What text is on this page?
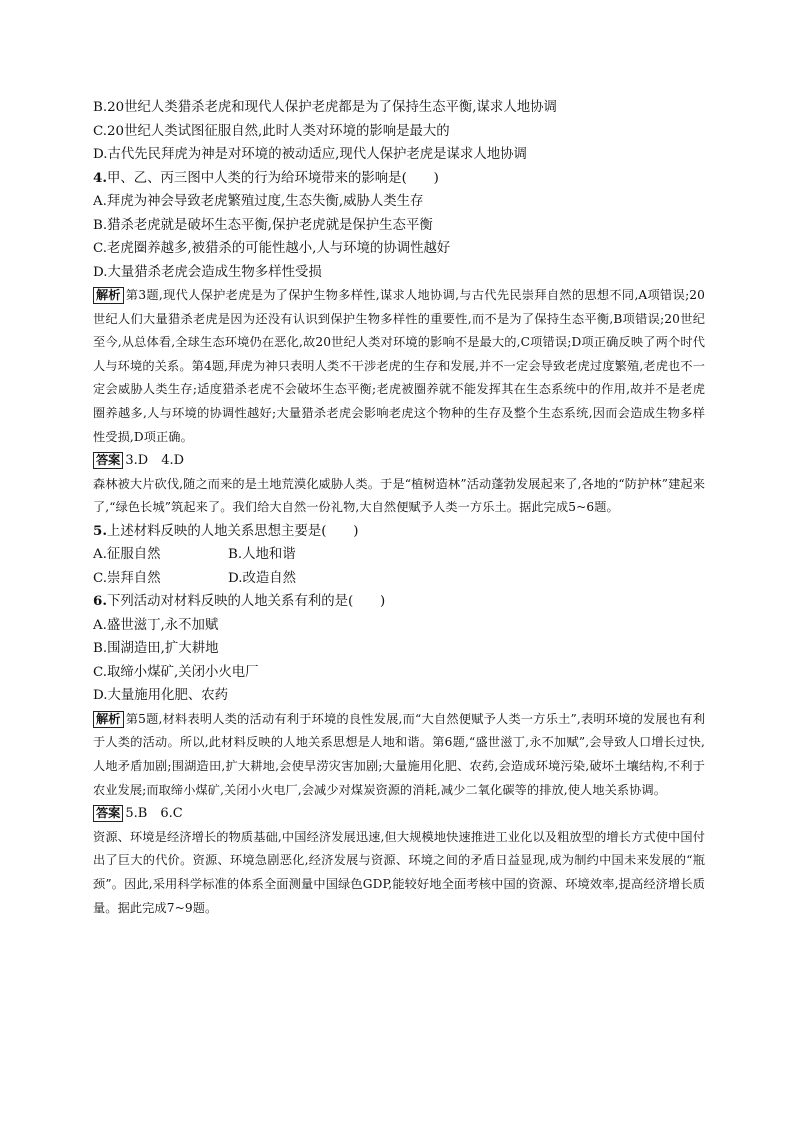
B.20世纪人类猎杀老虎和现代人保护老虎都是为了保持生态平衡,谋求人地协调
C.20世纪人类试图征服自然,此时人类对环境的影响是最大的
D.古代先民拜虎为神是对环境的被动适应,现代人保护老虎是谋求人地协调
4.甲、乙、丙三图中人类的行为给环境带来的影响是(　　)
A.拜虎为神会导致老虎繁殖过度,生态失衡,威胁人类生存
B.猎杀老虎就是破坏生态平衡,保护老虎就是保护生态平衡
C.老虎圈养越多,被猎杀的可能性越小,人与环境的协调性越好
D.大量猎杀老虎会造成生物多样性受损
解析 第3题,现代人保护老虎是为了保护生物多样性,谋求人地协调,与古代先民崇拜自然的思想不同,A项错误;20世纪人们大量猎杀老虎是因为还没有认识到保护生物多样性的重要性,而不是为了保持生态平衡,B项错误;20世纪至今,从总体看,全球生态环境仍在恶化,故20世纪人类对环境的影响不是最大的,C项错误;D项正确反映了两个时代人与环境的关系。第4题,拜虎为神只表明人类不干涉老虎的生存和发展,并不一定会导致老虎过度繁殖,老虎也不一定会威胁人类生存;适度猎杀老虎不会破坏生态平衡;老虎被圈养就不能发挥其在生态系统中的作用,故并不是老虎圈养越多,人与环境的协调性越好;大量猎杀老虎会影响老虎这个物种的生存及整个生态系统,因而会造成生物多样性受损,D项正确。
答案 3.D　4.D
森林被大片砍伐,随之而来的是土地荒漠化威胁人类。于是“植树造林”活动蓬勃发展起来了,各地的“防护林”建起来了,“绿色长城”筑起来了。我们给大自然一份礼物,大自然便赋予人类一方乐土。据此完成5~6题。
5.上述材料反映的人地关系思想主要是(　　)
A.征服自然	B.人地和谐
C.崇拜自然	D.改造自然
6.下列活动对材料反映的人地关系有利的是(　　)
A.盛世滋丁,永不加赋
B.围湖造田,扩大耕地
C.取缔小煤矿,关闭小火电厂
D.大量施用化肥、农药
解析 第5题,材料表明人类的活动有利于环境的良性发展,而“大自然便赋予人类一方乐土”,表明环境的发展也有利于人类的活动。所以,此材料反映的人地关系思想是人地和谐。第6题,“盛世滋丁,永不加赋”,会导致人口增长过快,人地矛盾加剧;围湖造田,扩大耕地,会使旱涝灾害加剧;大量施用化肥、农药,会造成环境污染,破坏土壤结构,不利于农业发展;而取缔小煤矿,关闭小火电厂,会减少对煤炭资源的消耗,减少二氧化碳等的排放,使人地关系协调。
答案 5.B　6.C
资源、环境是经济增长的物质基础,中国经济发展迅速,但大规模地快速推进工业化以及粗放型的增长方式使中国付出了巨大的代价。资源、环境急剧恶化,经济发展与资源、环境之间的矛盾日益显现,成为制约中国未来发展的“瓶颈”。因此,采用科学标准的体系全面测量中国绿色GDP,能较好地全面考核中国的资源、环境效率,提高经济增长质量。据此完成7~9题。
